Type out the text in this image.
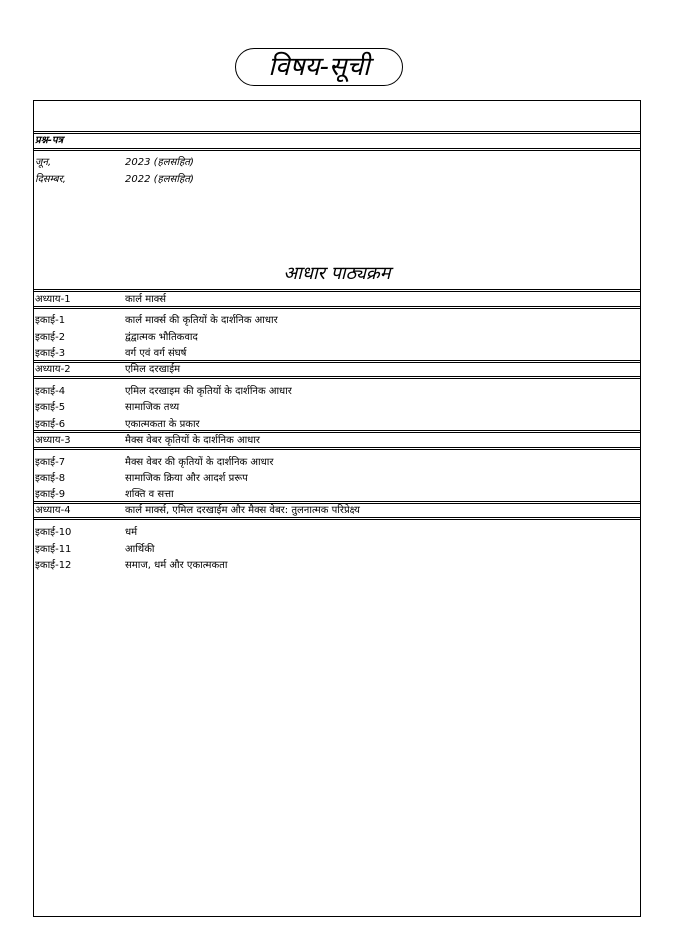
विषय-सूची
प्रश्न-पत्र
जून,	2023 (हलसहित)
दिसम्बर,	2022 (हलसहित)
आधार पाठ्यक्रम
अध्याय-1	कार्ल मार्क्स
इकाई-1	कार्ल मार्क्स की कृतियों के दार्शनिक आधार
इकाई-2	द्वंद्वात्मक भौतिकवाद
इकाई-3	वर्ग एवं वर्ग संघर्ष
अध्याय-2	एमिल दरखाईम
इकाई-4	एमिल दरखाइम की कृतियों के दार्शनिक आधार
इकाई-5	सामाजिक तथ्य
इकाई-6	एकात्मकता के प्रकार
अध्याय-3	मैक्स वेबर कृतियों के दार्शनिक आधार
इकाई-7	मैक्स वेबर की कृतियों के दार्शनिक आधार
इकाई-8	सामाजिक क्रिया और आदर्श प्ररूप
इकाई-9	शक्ति व सत्ता
अध्याय-4	कार्ल मार्क्स, एमिल दरखाईम और मैक्स वेबर: तुलनात्मक परिप्रेक्ष्य
इकाई-10	धर्म
इकाई-11	आर्थिकी
इकाई-12	समाज, धर्म और एकात्मकता
